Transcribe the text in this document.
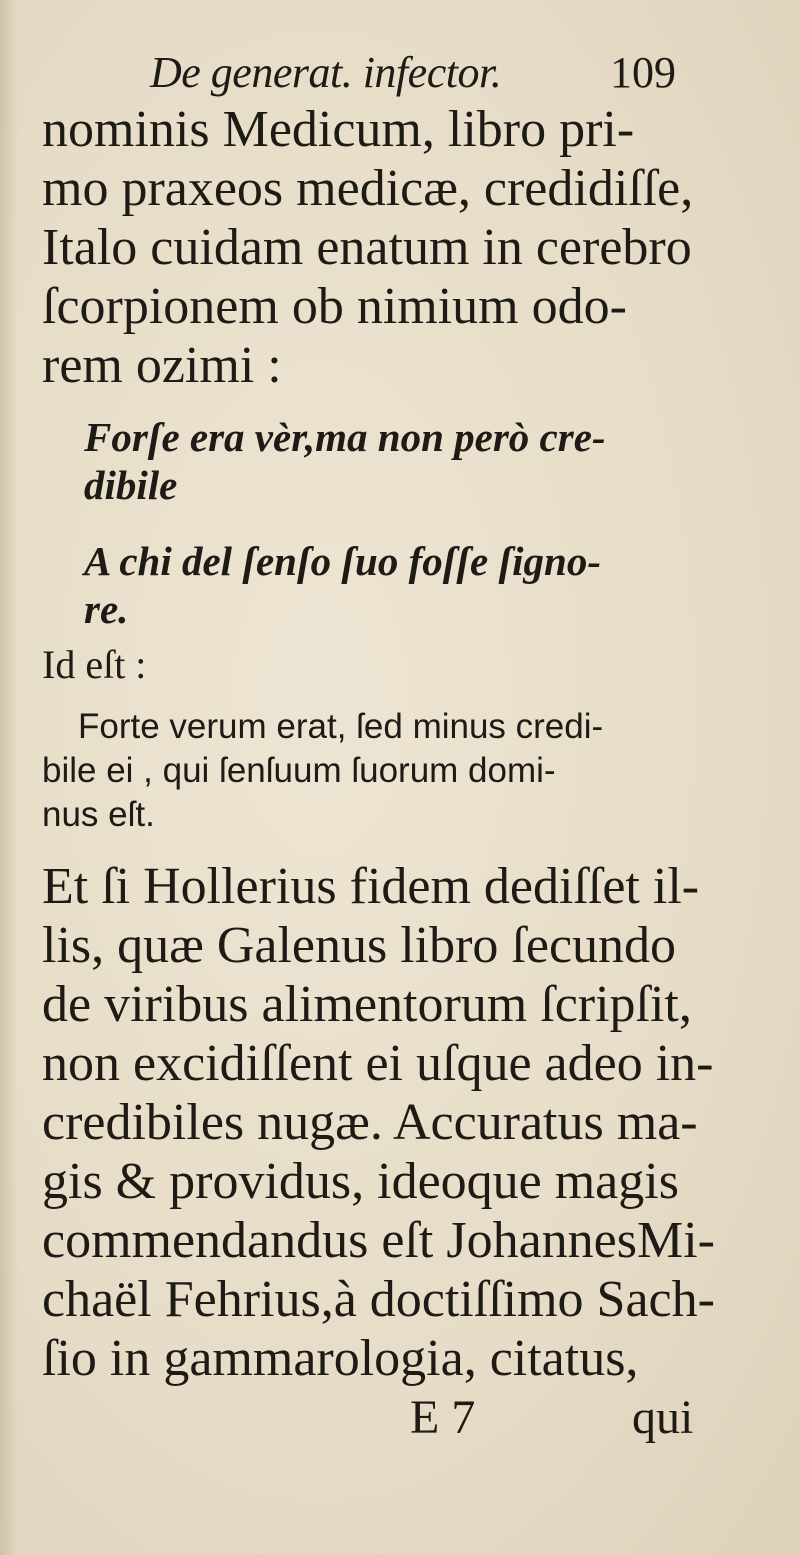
De generat. infector. 109
nominis Medicum, libro pri-
mo praxeos medicæ, credidiſſe,
Italo cuidam enatum in cerebro
ſcorpionem ob nimium odo-
rem ozimi :
Forſe era vèr,ma non però cre-
dibile
A chi del ſenſo ſuo foſſe ſigno-
re.
Id eſt :
Forte verum erat, ſed minus credi-
bile ei , qui ſenſuum ſuorum domi-
nus eſt.
Et ſi Hollerius fidem dediſſet il-
lis, quæ Galenus libro ſecundo
de viribus alimentorum ſcripſit,
non excidiſſent ei uſque adeo in-
credibiles nugæ. Accuratus ma-
gis & providus, ideoque magis
commendandus eſt JohannesMi-
chaël Fehrius,à doctiſſimo Sach-
ſio in gammarologia, citatus,
E 7	qui
